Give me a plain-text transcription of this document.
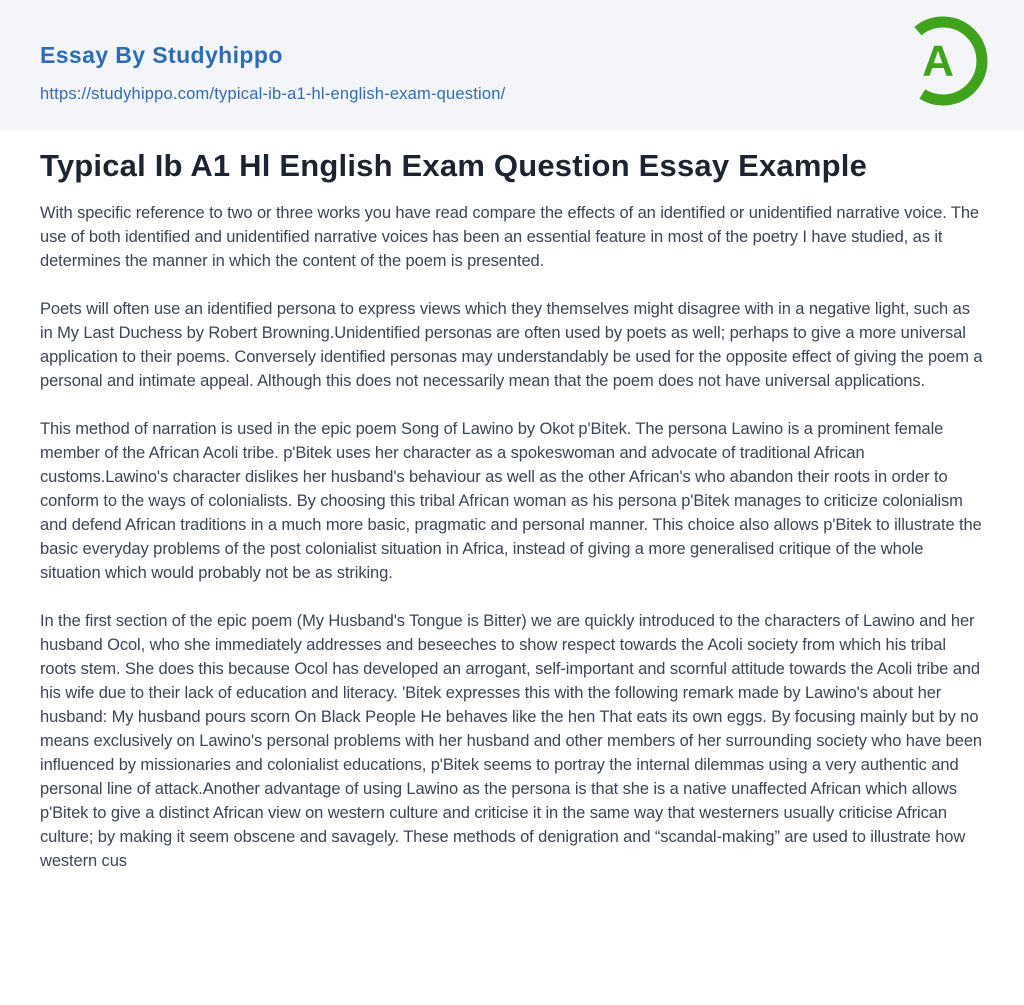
Essay By Studyhippo
https://studyhippo.com/typical-ib-a1-hl-english-exam-question/
A
Typical Ib A1 Hl English Exam Question Essay Example

With specific reference to two or three works you have read compare the effects of an identified or unidentified narrative voice. The use of both identified and unidentified narrative voices has been an essential feature in most of the poetry I have studied, as it determines the manner in which the content of the poem is presented.

Poets will often use an identified persona to express views which they themselves might disagree with in a negative light, such as in My Last Duchess by Robert Browning.Unidentified personas are often used by poets as well; perhaps to give a more universal application to their poems. Conversely identified personas may understandably be used for the opposite effect of giving the poem a personal and intimate appeal. Although this does not necessarily mean that the poem does not have universal applications.

This method of narration is used in the epic poem Song of Lawino by Okot p'Bitek. The persona Lawino is a prominent female member of the African Acoli tribe. p'Bitek uses her character as a spokeswoman and advocate of traditional African customs.Lawino's character dislikes her husband's behaviour as well as the other African's who abandon their roots in order to conform to the ways of colonialists. By choosing this tribal African woman as his persona p'Bitek manages to criticize colonialism and defend African traditions in a much more basic, pragmatic and personal manner. This choice also allows p'Bitek to illustrate the basic everyday problems of the post colonialist situation in Africa, instead of giving a more generalised critique of the whole situation which would probably not be as striking.

In the first section of the epic poem (My Husband's Tongue is Bitter) we are quickly introduced to the characters of Lawino and her husband Ocol, who she immediately addresses and beseeches to show respect towards the Acoli society from which his tribal roots stem. She does this because Ocol has developed an arrogant, self-important and scornful attitude towards the Acoli tribe and his wife due to their lack of education and literacy. 'Bitek expresses this with the following remark made by Lawino's about her husband: My husband pours scorn On Black People He behaves like the hen That eats its own eggs. By focusing mainly but by no means exclusively on Lawino's personal problems with her husband and other members of her surrounding society who have been influenced by missionaries and colonialist educations, p'Bitek seems to portray the internal dilemmas using a very authentic and personal line of attack.Another advantage of using Lawino as the persona is that she is a native unaffected African which allows p'Bitek to give a distinct African view on western culture and criticise it in the same way that westerners usually criticise African culture; by making it seem obscene and savagely. These methods of denigration and “scandal-making” are used to illustrate how western cus
